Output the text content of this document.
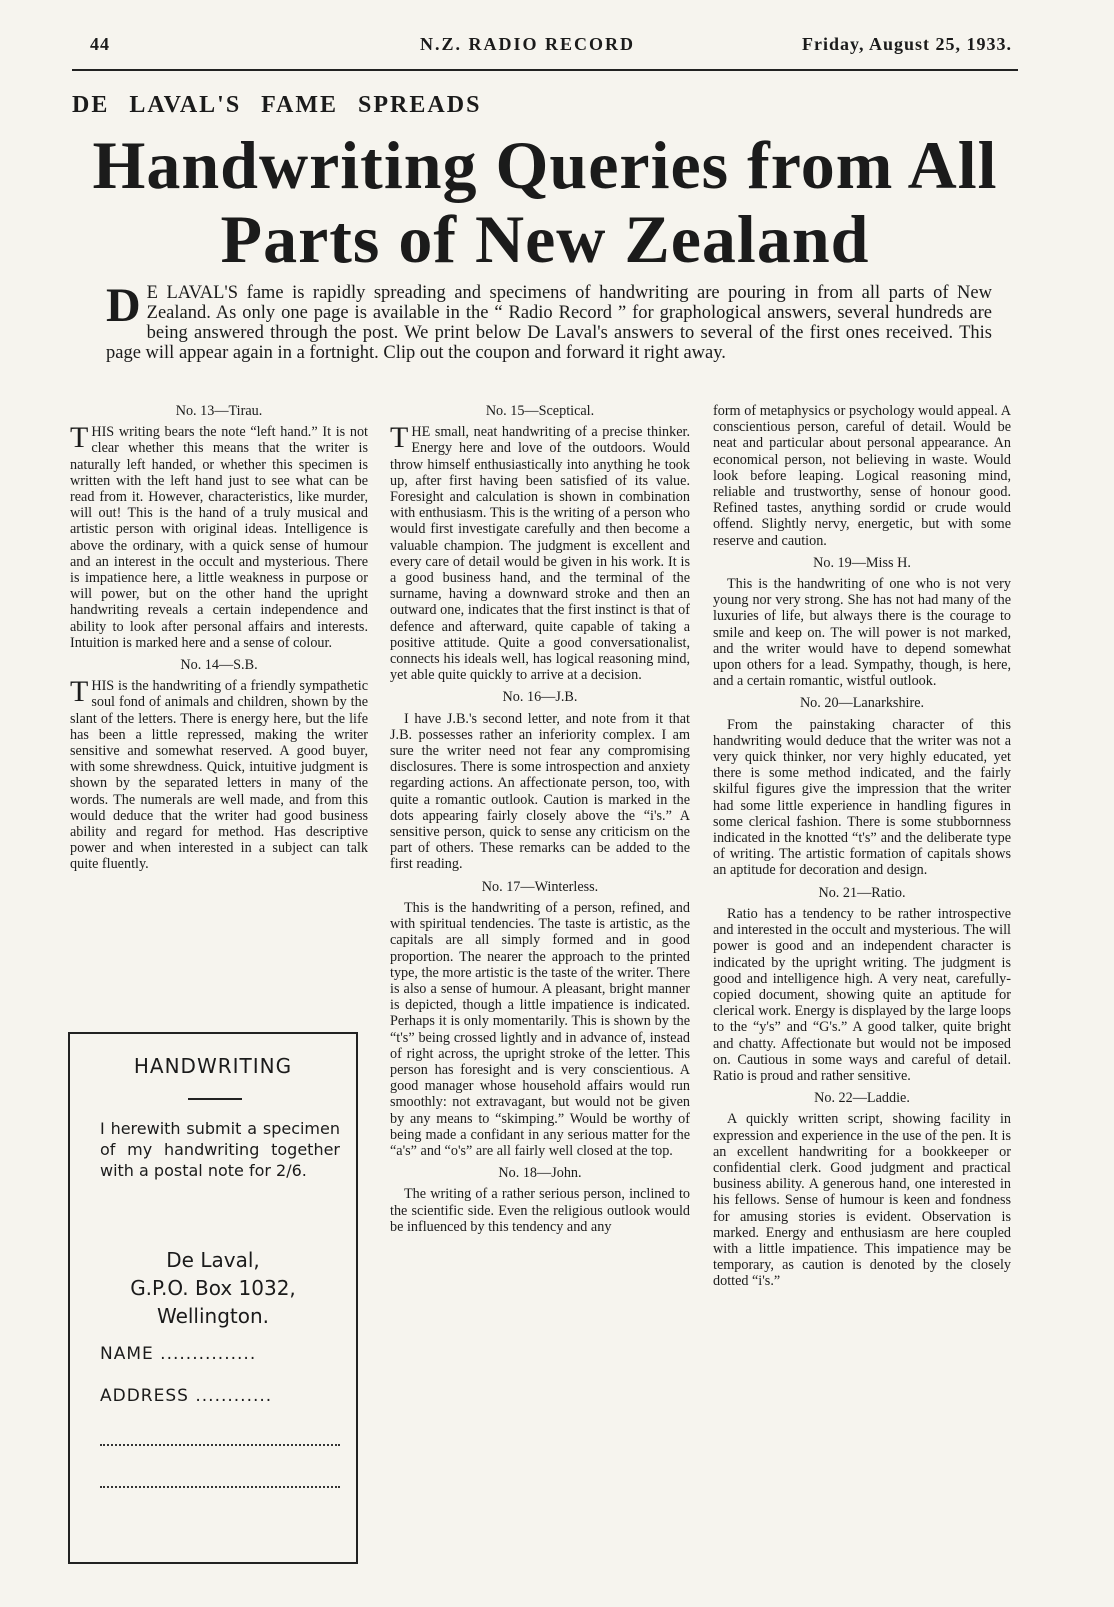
44	N.Z. RADIO RECORD	Friday, August 25, 1933.
DE LAVAL'S FAME SPREADS
Handwriting Queries from All Parts of New Zealand
D E LAVAL'S fame is rapidly spreading and specimens of handwriting are pouring in from all parts of New Zealand. As only one page is available in the “ Radio Record ” for graphological answers, several hundreds are being answered through the post. We print below De Laval's answers to several of the first ones received. This page will appear again in a fortnight. Clip out the coupon and forward it right away.
No. 13—Tirau.

THIS writing bears the note “left hand.” It is not clear whether this means that the writer is naturally left handed, or whether this specimen is written with the left hand just to see what can be read from it. However, characteristics, like murder, will out! This is the hand of a truly musical and artistic person with original ideas. Intelligence is above the ordinary, with a quick sense of humour and an interest in the occult and mysterious. There is impatience here, a little weakness in purpose or will power, but on the other hand the upright handwriting reveals a certain independence and ability to look after personal affairs and interests. Intuition is marked here and a sense of colour.

No. 14—S.B.

THIS is the handwriting of a friendly sympathetic soul fond of animals and children, shown by the slant of the letters. There is energy here, but the life has been a little repressed, making the writer sensitive and somewhat reserved. A good buyer, with some shrewdness. Quick, intuitive judgment is shown by the separated letters in many of the words. The numerals are well made, and from this would deduce that the writer had good business ability and regard for method. Has descriptive power and when interested in a subject can talk quite fluently.

HANDWRITING
I herewith submit a specimen of my handwriting together with a postal note for 2/6.
De Laval,
G.P.O. Box 1032,
Wellington.
NAME ...............
ADDRESS ............
No. 15—Sceptical.

THE small, neat handwriting of a precise thinker. Energy here and love of the outdoors. Would throw himself enthusiastically into anything he took up, after first having been satisfied of its value. Foresight and calculation is shown in combination with enthusiasm. This is the writing of a person who would first investigate carefully and then become a valuable champion. The judgment is excellent and every care of detail would be given in his work. It is a good business hand, and the terminal of the surname, having a downward stroke and then an outward one, indicates that the first instinct is that of defence and afterward, quite capable of taking a positive attitude. Quite a good conversationalist, connects his ideals well, has logical reasoning mind, yet able quite quickly to arrive at a decision.

No. 16—J.B.

I have J.B.'s second letter, and note from it that J.B. possesses rather an inferiority complex. I am sure the writer need not fear any compromising disclosures. There is some introspection and anxiety regarding actions. An affectionate person, too, with quite a romantic outlook. Caution is marked in the dots appearing fairly closely above the “i's.” A sensitive person, quick to sense any criticism on the part of others. These remarks can be added to the first reading.

No. 17—Winterless.

This is the handwriting of a person, refined, and with spiritual tendencies. The taste is artistic, as the capitals are all simply formed and in good proportion. The nearer the approach to the printed type, the more artistic is the taste of the writer. There is also a sense of humour. A pleasant, bright manner is depicted, though a little impatience is indicated. Perhaps it is only momentarily. This is shown by the “t's” being crossed lightly and in advance of, instead of right across, the upright stroke of the letter. This person has foresight and is very conscientious. A good manager whose household affairs would run smoothly: not extravagant, but would not be given by any means to “skimping.” Would be worthy of being made a confidant in any serious matter for the “a's” and “o's” are all fairly well closed at the top.

No. 18—John.

The writing of a rather serious person, inclined to the scientific side. Even the religious outlook would be influenced by this tendency and any

form of metaphysics or psychology would appeal. A conscientious person, careful of detail. Would be neat and particular about personal appearance. An economical person, not believing in waste. Would look before leaping. Logical reasoning mind, reliable and trustworthy, sense of honour good. Refined tastes, anything sordid or crude would offend. Slightly nervy, energetic, but with some reserve and caution.

No. 19—Miss H.

This is the handwriting of one who is not very young nor very strong. She has not had many of the luxuries of life, but always there is the courage to smile and keep on. The will power is not marked, and the writer would have to depend somewhat upon others for a lead. Sympathy, though, is here, and a certain romantic, wistful outlook.

No. 20—Lanarkshire.

From the painstaking character of this handwriting would deduce that the writer was not a very quick thinker, nor very highly educated, yet there is some method indicated, and the fairly skilful figures give the impression that the writer had some little experience in handling figures in some clerical fashion. There is some stubbornness indicated in the knotted “t's” and the deliberate type of writing. The artistic formation of capitals shows an aptitude for decoration and design.

No. 21—Ratio.

Ratio has a tendency to be rather introspective and interested in the occult and mysterious. The will power is good and an independent character is indicated by the upright writing. The judgment is good and intelligence high. A very neat, carefully-copied document, showing quite an aptitude for clerical work. Energy is displayed by the large loops to the “y's” and “G's.” A good talker, quite bright and chatty. Affectionate but would not be imposed on. Cautious in some ways and careful of detail. Ratio is proud and rather sensitive.

No. 22—Laddie.

A quickly written script, showing facility in expression and experience in the use of the pen. It is an excellent handwriting for a bookkeeper or confidential clerk. Good judgment and practical business ability. A generous hand, one interested in his fellows. Sense of humour is keen and fondness for amusing stories is evident. Observation is marked. Energy and enthusiasm are here coupled with a little impatience. This impatience may be temporary, as caution is denoted by the closely dotted “i's.”
